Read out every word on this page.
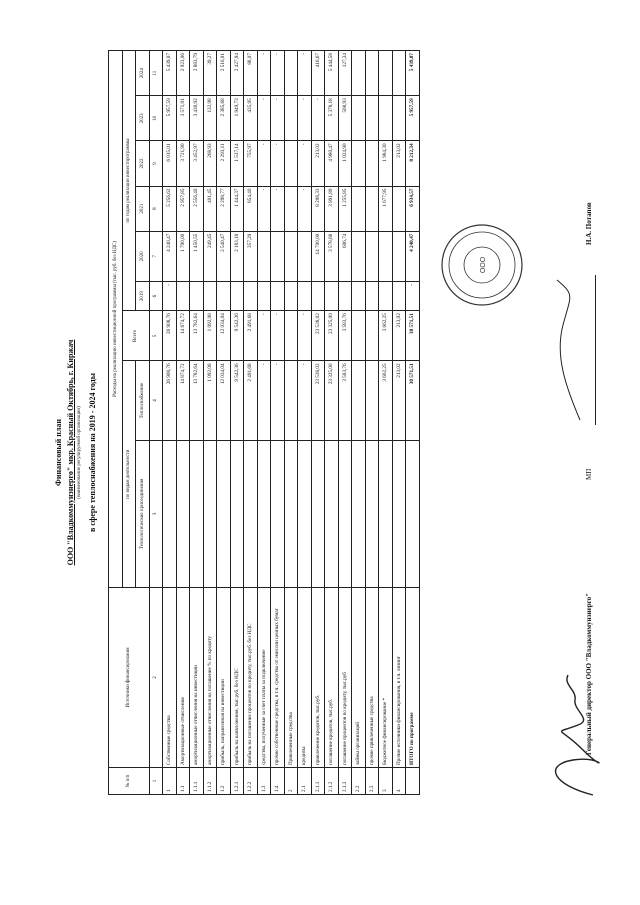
Финансовый план ООО "Владкоммунэнерго" мкр. Красный Октябрь, г. Киржач (наименование регулируемой организации) в сфере теплоснабжения на 2019 - 2024 годы
№ п/п	Источники финансирования	Расходы на реализацию инвестиционной программы (тыс. руб. без НДС)								
		по видам деятельности		Всего	по годам реализации инвестпрограммы					
		Технологические присоединения	Теплоснабжение		2019	2020	2021	2022	2023	2024
1	2	3	4	5	6	7	8	9	10	11
1	Собственные средства		26 908,76	26 908,76	-	4 240,47	5 256,62	6 015,01	5 957,59	5 439,07
1.1	Амортизационные отчисления		14 874,72	14 874,72		1 700,00	2 957,85	3 721,90	3 571,91	2 923,06
1.1.1	амортизационные отчисления на инвестиции		13 782,64	13 782,64		1 450,55	2 556,40	3 452,97	3 438,92	2 883,79
1.1.2	амортизационные отчисления на погашение % по кредиту		1 092,08	1 092,08		249,45	401,45	268,93	132,98	39,27
1.2	прибыль, направленная на инвестиции		12 034,04	12 034,04		2 540,47	2 298,77	2 293,11	2 385,68	2 516,01
1.2.1	прибыль на капвложения, тыс.руб. без НДС		9 542,36	9 542,36		2 183,18	1 444,37	1 537,14	1 949,73	2 427,94
1.2.2	прибыль на погашение процентов по кредиту, тыс.руб. без НДС		2 491,68	2 491,68		357,29	854,40	755,97	435,95	88,07
1.3	средства, полученные за счет платы за подключение		-	-			-	-	-	-
1.4	прочие собственные средства, в т.ч. средства от эмиссии ценных бумаг		-	-			-	-	-	-
2	Привлеченные средства									
2.1	кредиты		-	-			-	-	-	-
2.1.1	привлечение кредитов, тыс.руб.		23 538,02	23 538,02		14 700,00	8 208,33	213,02	-	416,67
2.1.2	погашение кредитов, тыс.руб.		23 325,00	23 325,00		3 578,88	3 991,89	4 980,47	5 378,18	5 444,58
2.1.3	погашение процентов по кредиту, тыс.руб		3 583,76	3 583,76		606,74	1 255,85	1 024,90	568,93	127,34
2.2	займы организаций									
2.3	прочие привлеченные средства									
3	Бюджетное финансирование *		3 662,25	3 662,25			1 677,95	1 984,30		
4	Прочие источники финансирования, в т.ч. лизинг		213,02	213,02				213,02		
	ИТОГО по программе		30 571,51	30 571,51	-	4 240,47	6 934,57	8 212,34	5 957,59	5 439,07
Генеральный директор ООО "Владкоммунэнерго"
МП
Н.А. Потапов
ООО
